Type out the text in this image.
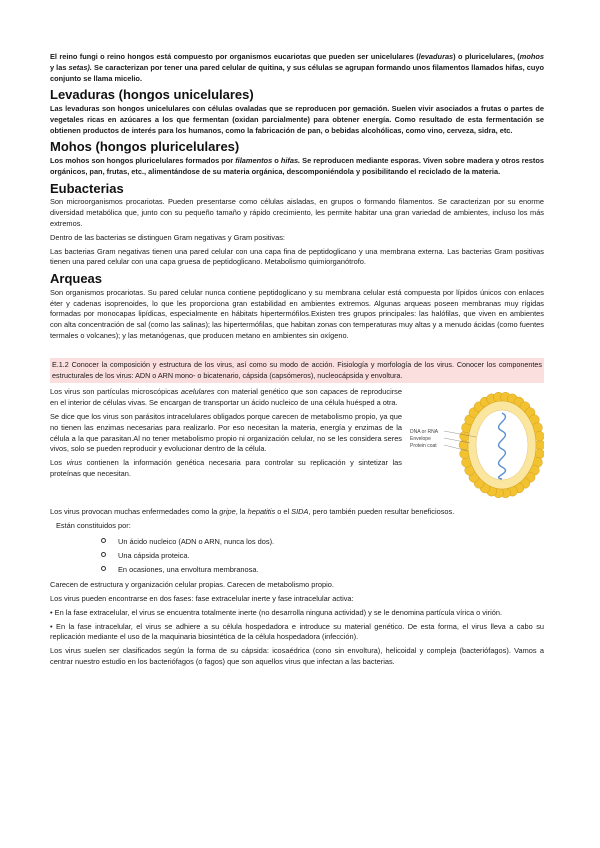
El reino fungi o reino hongos está compuesto por organismos eucariotas que pueden ser unicelulares (levaduras) o pluricelulares, (mohos y las setas). Se caracterizan por tener una pared celular de quitina, y sus células se agrupan formando unos filamentos llamados hifas, cuyo conjunto se llama micelio.

Levaduras (hongos unicelulares)

Las levaduras son hongos unicelulares con células ovaladas que se reproducen por gemación. Suelen vivir asociados a frutas o partes de vegetales ricas en azúcares a los que fermentan (oxidan parcialmente) para obtener energía. Como resultado de esta fermentación se obtienen productos de interés para los humanos, como la fabricación de pan, o bebidas alcohólicas, como vino, cerveza, sidra, etc.

Mohos (hongos pluricelulares)

Los mohos son hongos pluricelulares formados por filamentos o hifas. Se reproducen mediante esporas. Viven sobre madera y otros restos orgánicos, pan, frutas, etc., alimentándose de su materia orgánica, descomponiéndola y posibilitando el reciclado de la materia.

Eubacterias

Son microorganismos procariotas. Pueden presentarse como células aisladas, en grupos o formando filamentos. Se caracterizan por su enorme diversidad metabólica que, junto con su pequeño tamaño y rápido crecimiento, les permite habitar una gran variedad de ambientes, incluso los más extremos.

Dentro de las bacterias se distinguen Gram negativas y Gram positivas:

Las bacterias Gram negativas tienen una pared celular con una capa fina de peptidoglicano y una membrana externa. Las bacterias Gram positivas tienen una pared celular con una capa gruesa de peptidoglicano. Metabolismo quimiorganótrofo.

Arqueas

Son organismos procariotas. Su pared celular nunca contiene peptidoglicano y su membrana celular está compuesta por lípidos únicos con enlaces éter y cadenas isoprenoides, lo que les proporciona gran estabilidad en ambientes extremos. Algunas arqueas poseen membranas muy rígidas formadas por monocapas lipídicas, especialmente en hábitats hipertermófilos.Existen tres grupos principales: las halófilas, que viven en ambientes con alta concentración de sal (como las salinas); las hipertermófilas, que habitan zonas con temperaturas muy altas y a menudo ácidas (como fuentes termales o volcanes); y las metanógenas, que producen metano en ambientes sin oxígeno.

E.1.2 Conocer la composición y estructura de los virus, así como su modo de acción. Fisiología y morfología de los virus. Conocer los componentes estructurales de los virus: ADN o ARN mono- o bicatenario, cápsida (capsómeros), nucleocápsida y envoltura.

Los virus son partículas microscópicas acelulares con material genético que son capaces de reproducirse en el interior de células vivas. Se encargan de transportar un ácido nucleico de una célula huésped a otra.

Se dice que los virus son parásitos intracelulares obligados porque carecen de metabolismo propio, ya que no tienen las enzimas necesarias para realizarlo. Por eso necesitan la materia, energía y enzimas de la célula a la que parasitan.Al no tener metabolismo propio ni organización celular, no se les considera seres vivos, solo se pueden reproducir y evolucionar dentro de la célula.

Los virus contienen la información genética necesaria para controlar su replicación y sintetizar las proteínas que necesitan.

DNA or RNA
Envelope
Protein coat

Los virus provocan muchas enfermedades como la gripe, la hepatitis o el SIDA, pero también pueden resultar beneficiosos.

Están constituidos por:

Un ácido nucleico (ADN o ARN, nunca los dos).
Una cápsida proteica.
En ocasiones, una envoltura membranosa.

Carecen de estructura y organización celular propias. Carecen de metabolismo propio.

Los virus pueden encontrarse en dos fases: fase extracelular inerte y fase intracelular activa:

• En la fase extracelular, el virus se encuentra totalmente inerte (no desarrolla ninguna actividad) y se le denomina partícula vírica o virión.

• En la fase intracelular, el virus se adhiere a su célula hospedadora e introduce su material genético. De esta forma, el virus lleva a cabo su replicación mediante el uso de la maquinaria biosintética de la célula hospedadora (infección).

Los virus suelen ser clasificados según la forma de su cápsida: icosaédrica (cono sin envoltura), helicoidal y compleja (bacteriófagos). Vamos a centrar nuestro estudio en los bacteriófagos (o fagos) que son aquellos virus que infectan a las bacterias.
